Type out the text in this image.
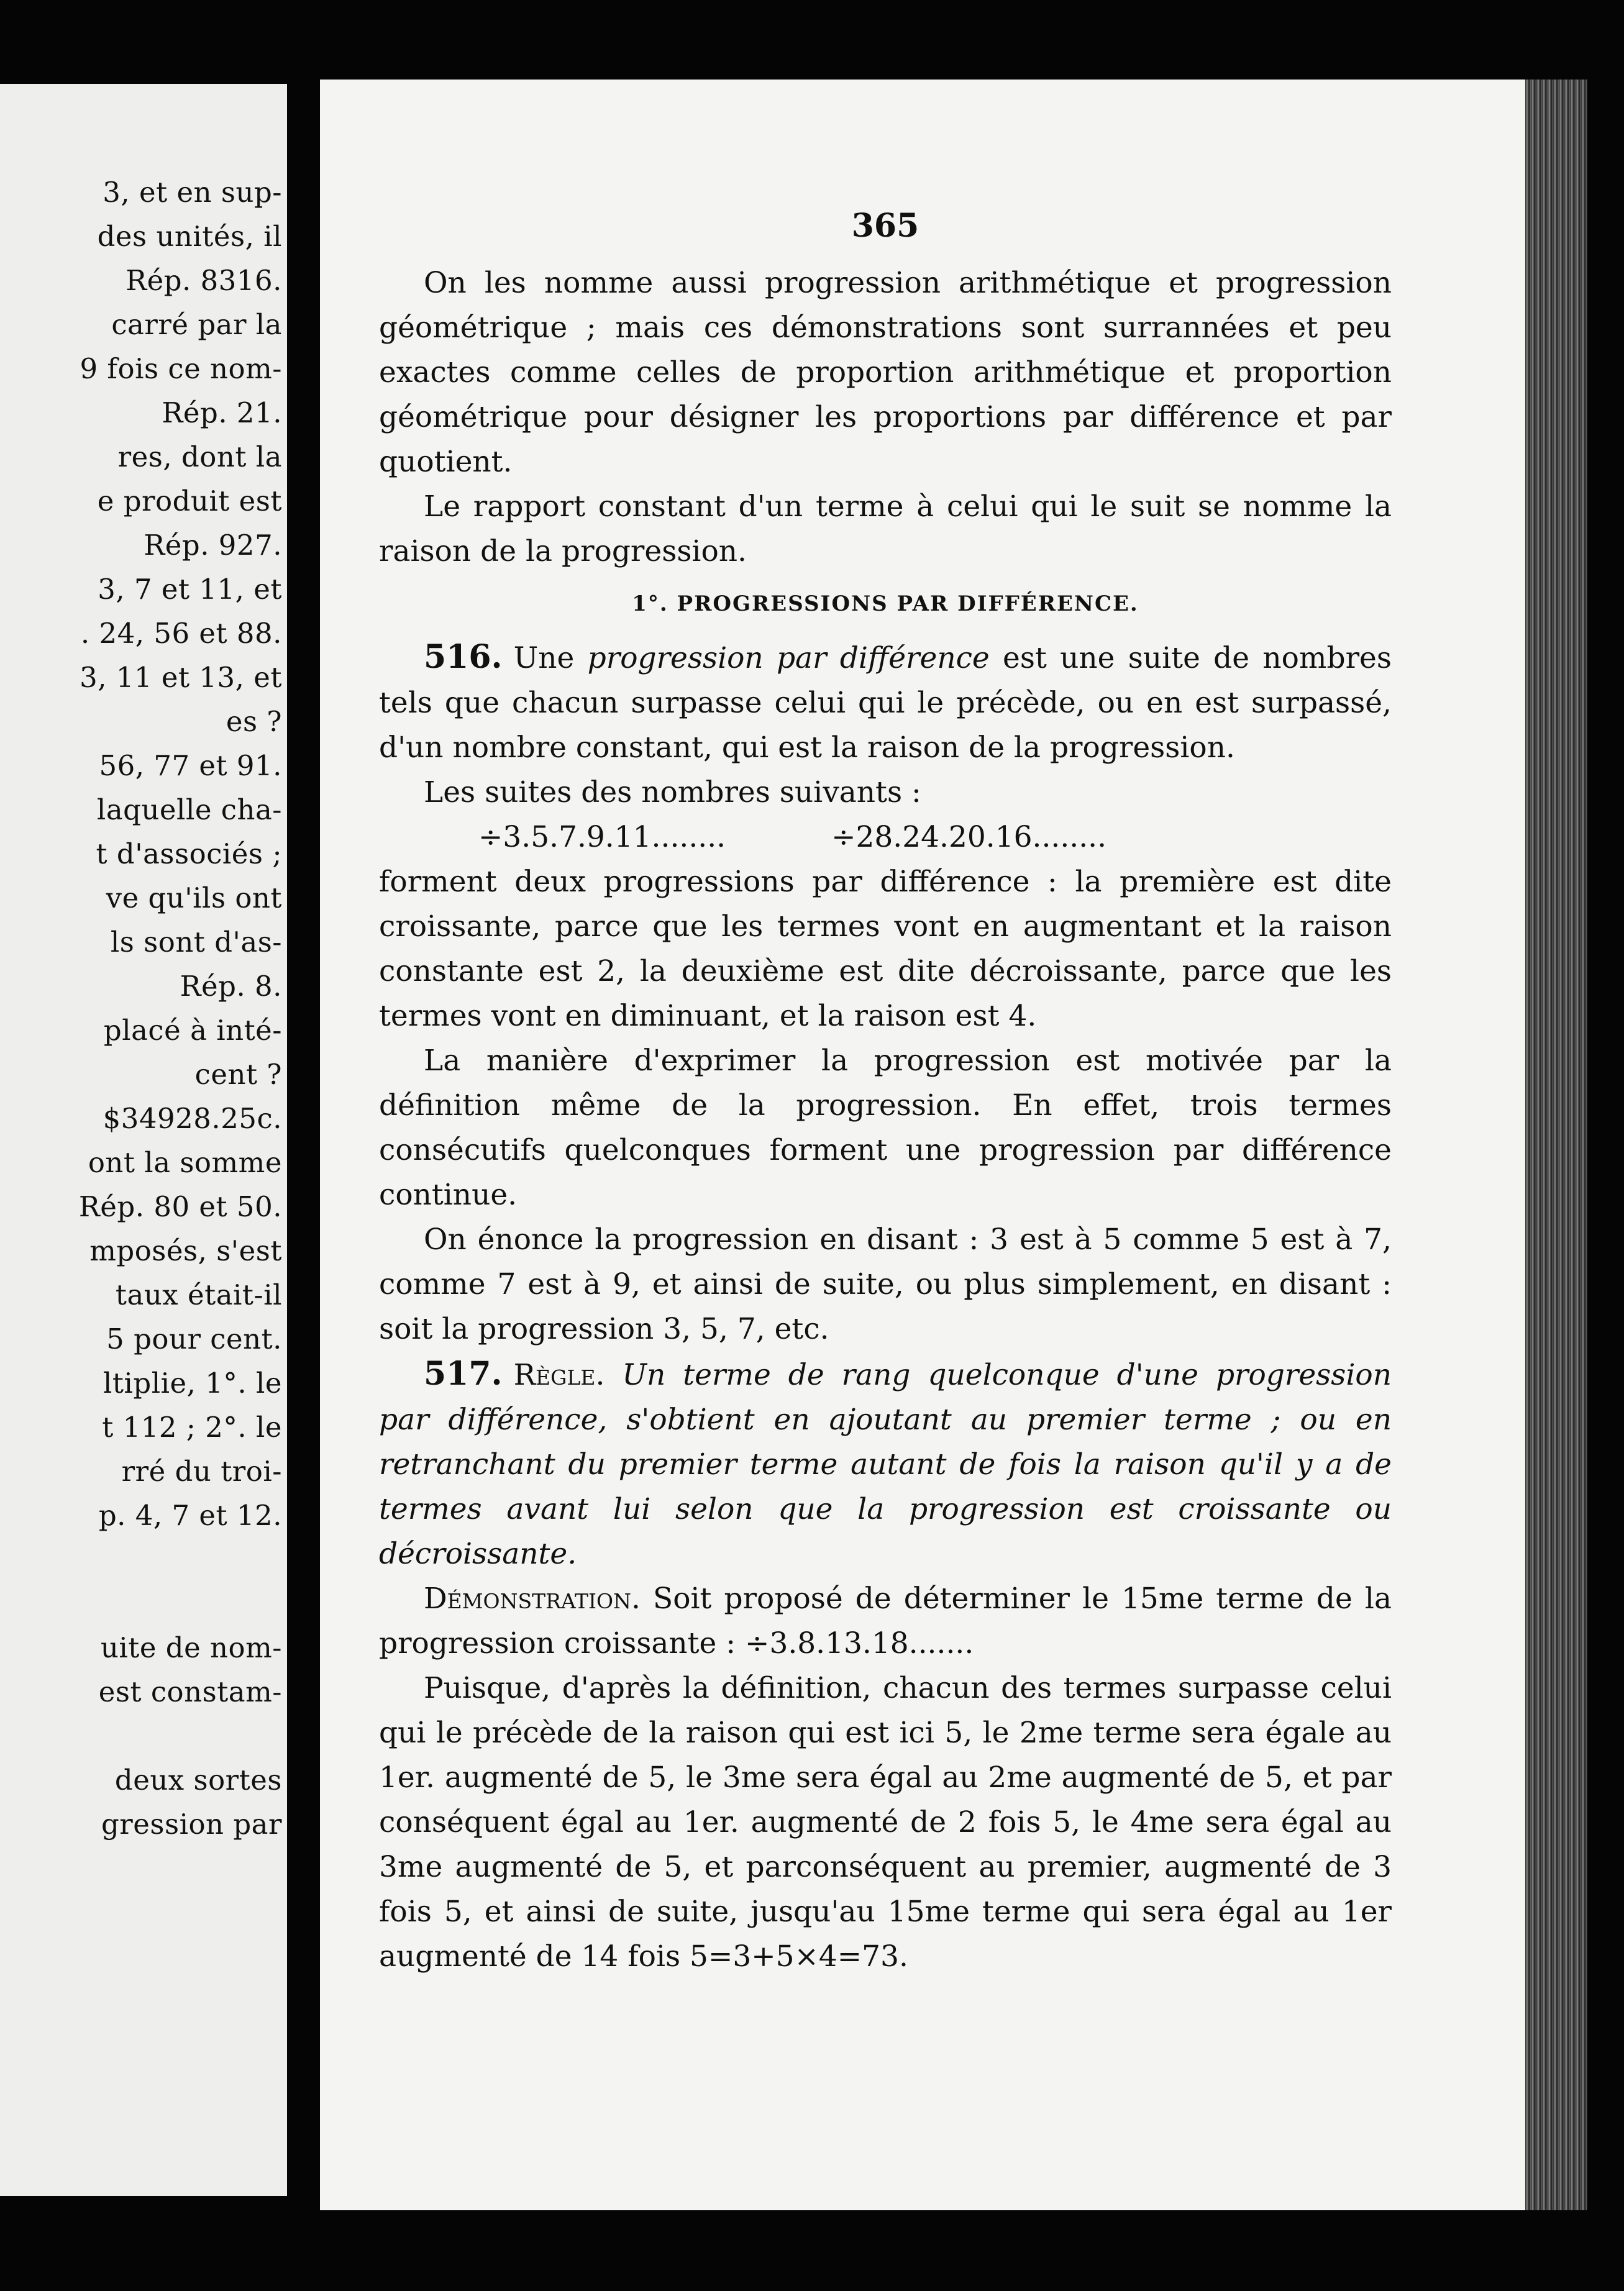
3, et en sup-
des unités, il
Rép. 8316.
carré par la
9 fois ce nom-
Rép. 21.
res, dont la
e produit est
Rép. 927.
3, 7 et 11, et
. 24, 56 et 88.
3, 11 et 13, et
es ?
56, 77 et 91.
laquelle cha-
t d'associés ;
ve qu'ils ont
ls sont d'as-
Rép. 8.
placé à inté-
cent ?
$34928.25c.
ont la somme
Rép. 80 et 50.
mposés, s'est
taux était-il
5 pour cent.
ltiplie, 1°. le
t 112 ; 2°. le
rré du troi-
p. 4, 7 et 12.
uite de nom-
est constam-
deux sortes
gression par

365

On les nomme aussi progression arithmétique et progression géométrique ; mais ces démonstrations sont surrannées et peu exactes comme celles de proportion arithmétique et proportion géométrique pour désigner les proportions par différence et par quotient.

Le rapport constant d'un terme à celui qui le suit se nomme la raison de la progression.

1°. PROGRESSIONS PAR DIFFÉRENCE.

516. Une progression par différence est une suite de nombres tels que chacun surpasse celui qui le précède, ou en est surpassé, d'un nombre constant, qui est la raison de la progression.

Les suites des nombres suivants :

÷3.5.7.9.11........	÷28.24.20.16........

forment deux progressions par différence : la première est dite croissante, parce que les termes vont en augmentant et la raison constante est 2, la deuxième est dite décroissante, parce que les termes vont en diminuant, et la raison est 4.

La manière d'exprimer la progression est motivée par la définition même de la progression. En effet, trois termes consécutifs quelconques forment une progression par différence continue.

On énonce la progression en disant : 3 est à 5 comme 5 est à 7, comme 7 est à 9, et ainsi de suite, ou plus simplement, en disant : soit la progression 3, 5, 7, etc.

517. Règle. Un terme de rang quelconque d'une progression par différence, s'obtient en ajoutant au premier terme ; ou en retranchant du premier terme autant de fois la raison qu'il y a de termes avant lui selon que la progression est croissante ou décroissante.

Démonstration. Soit proposé de déterminer le 15me terme de la progression croissante : ÷3.8.13.18.......

Puisque, d'après la définition, chacun des termes surpasse celui qui le précède de la raison qui est ici 5, le 2me terme sera égale au 1er. augmenté de 5, le 3me sera égal au 2me augmenté de 5, et par conséquent égal au 1er. augmenté de 2 fois 5, le 4me sera égal au 3me augmenté de 5, et parconséquent au premier, augmenté de 3 fois 5, et ainsi de suite, jusqu'au 15me terme qui sera égal au 1er augmenté de 14 fois 5=3+5×4=73.
